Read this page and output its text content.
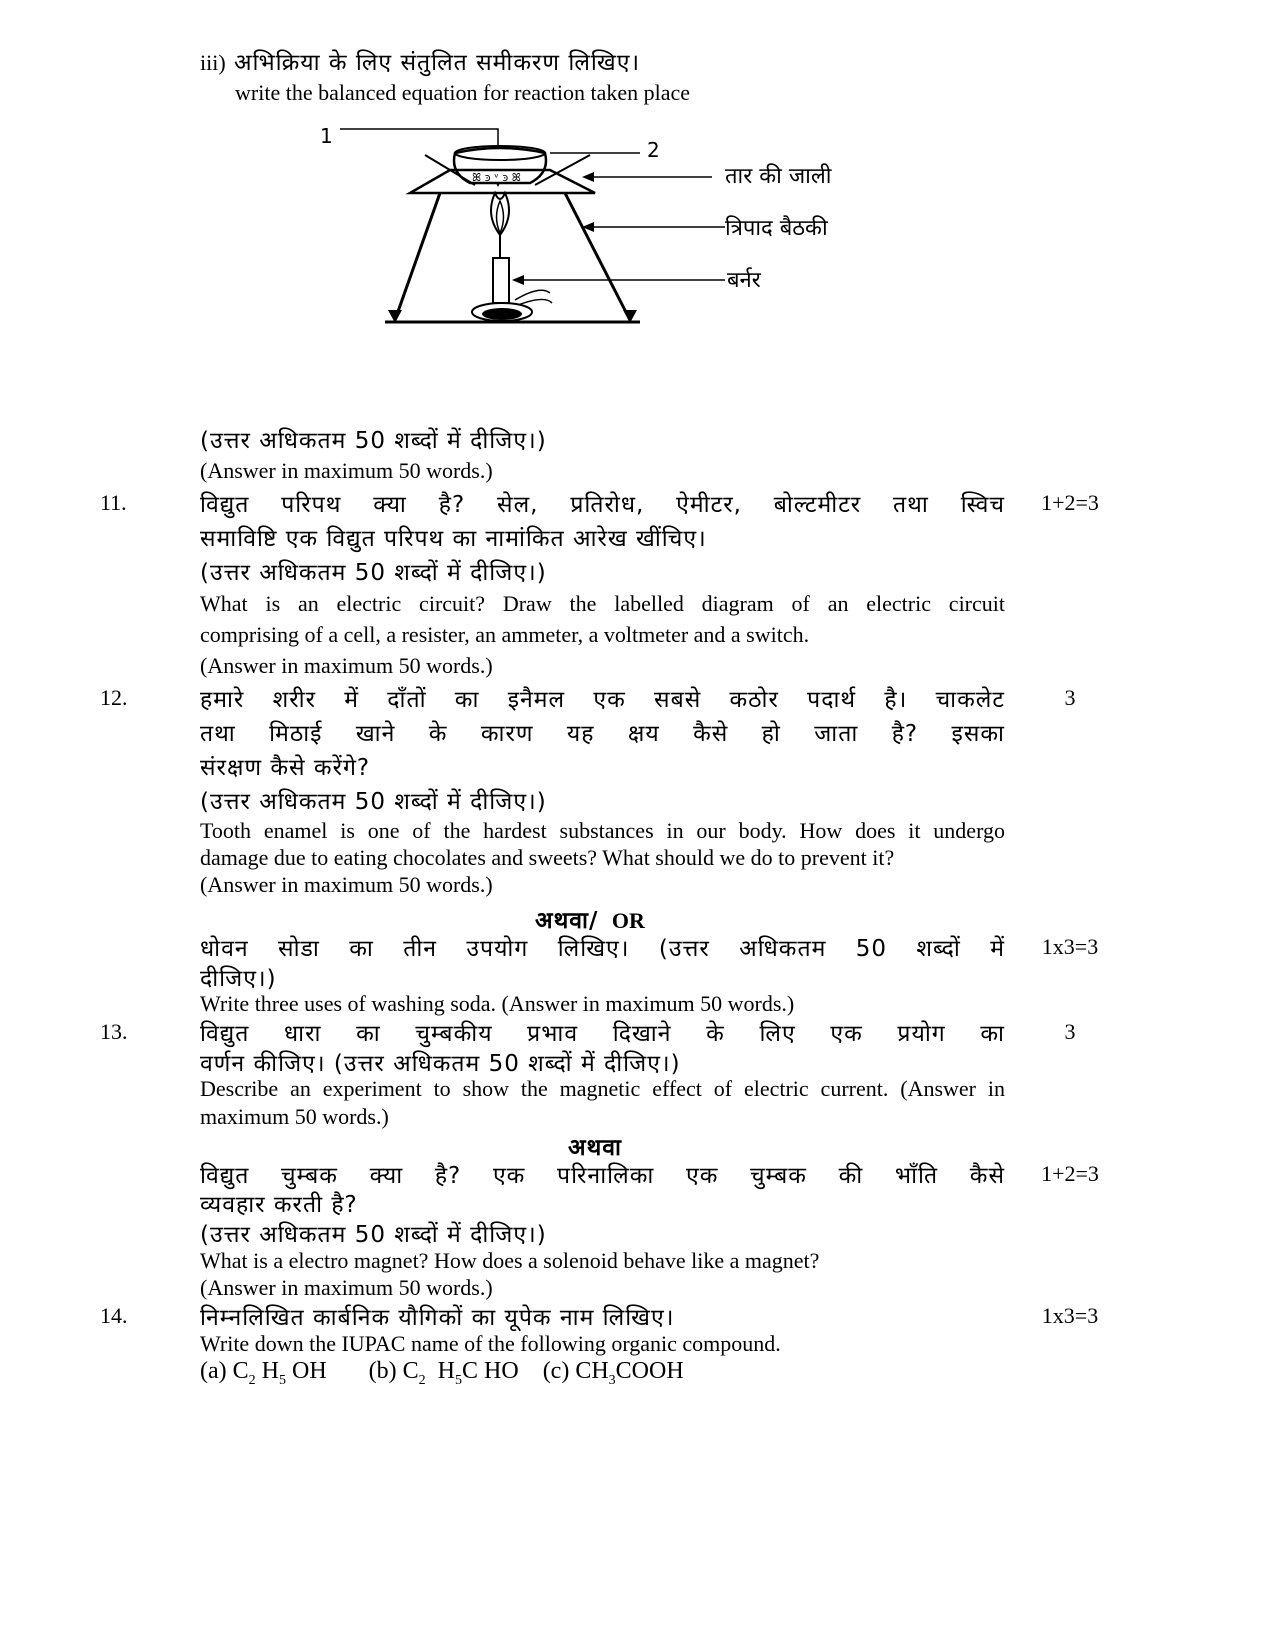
iii) अभिक्रिया के लिए संतुलित समीकरण लिखिए।
write the balanced equation for reaction taken place
1
ꕤ ͽ ᵛ ͽ ꕤ
2
तार की जाली
त्रिपाद बैठकी
बर्नर
(उत्तर अधिकतम 50 शब्दों में दीजिए।)
(Answer in maximum 50 words.)
11.	1+2=3
विद्युत परिपथ क्या है? सेल, प्रतिरोध, ऐमीटर, बोल्टमीटर तथा स्विच
समाविष्टि एक विद्युत परिपथ का नामांकित आरेख खींचिए।
(उत्तर अधिकतम 50 शब्दों में दीजिए।)
What is an electric circuit? Draw the labelled diagram of an electric circuit
comprising of a cell, a resister, an ammeter, a voltmeter and a switch.
(Answer in maximum 50 words.)
12.	3
हमारे शरीर में दाँतों का इनैमल एक सबसे कठोर पदार्थ है। चाकलेट
तथा मिठाई खाने के कारण यह क्षय कैसे हो जाता है? इसका
संरक्षण कैसे करेंगे?
(उत्तर अधिकतम 50 शब्दों में दीजिए।)
Tooth enamel is one of the hardest substances in our body. How does it undergo
damage due to eating chocolates and sweets? What should we do to prevent it?
(Answer in maximum 50 words.)
अथवा/ OR
1x3=3
धोवन सोडा का तीन उपयोग लिखिए। (उत्तर अधिकतम 50 शब्दों में
दीजिए।)
Write three uses of washing soda. (Answer in maximum 50 words.)
13.	3
विद्युत धारा का चुम्बकीय प्रभाव दिखाने के लिए एक प्रयोग का
वर्णन कीजिए। (उत्तर अधिकतम 50 शब्दों में दीजिए।)
Describe an experiment to show the magnetic effect of electric current. (Answer in
maximum 50 words.)
अथवा
1+2=3
विद्युत चुम्बक क्या है? एक परिनालिका एक चुम्बक की भाँति कैसे
व्यवहार करती है?
(उत्तर अधिकतम 50 शब्दों में दीजिए।)
What is a electro magnet? How does a solenoid behave like a magnet?
(Answer in maximum 50 words.)
14.	1x3=3
निम्नलिखित कार्बनिक यौगिकों का यूपेक नाम लिखिए।
Write down the IUPAC name of the following organic compound.
(a) $C_2$ $H_5$ OH (b) $C_2$  $H_5C$ HO (c) $CH_3COOH$
